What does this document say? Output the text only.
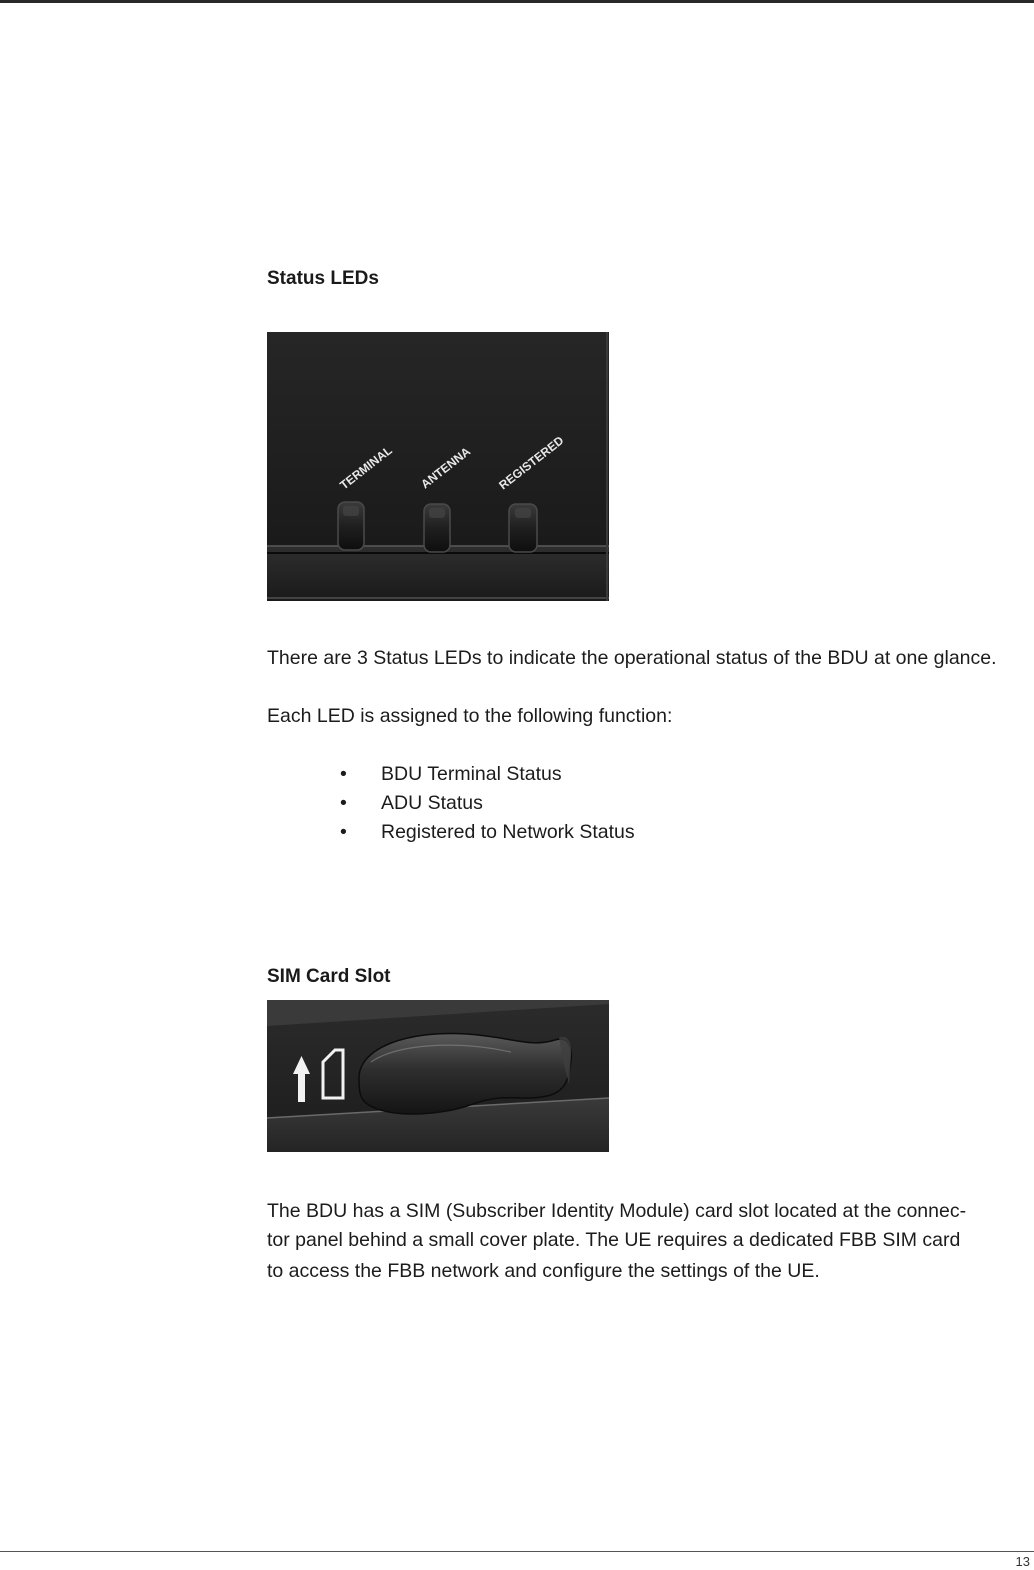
Status LEDs
TERMINAL ANTENNA REGISTERED

There are 3 Status LEDs to indicate the operational status of the BDU at one glance.

Each LED is assigned to the following function:

• BDU Terminal Status
• ADU Status
• Registered to Network Status
SIM Card Slot

The BDU has a SIM (Subscriber Identity Module) card slot located at the connec-

tor panel behind a small cover plate. The UE requires a dedicated FBB SIM card

to access the FBB network and configure the settings of the UE.

13
